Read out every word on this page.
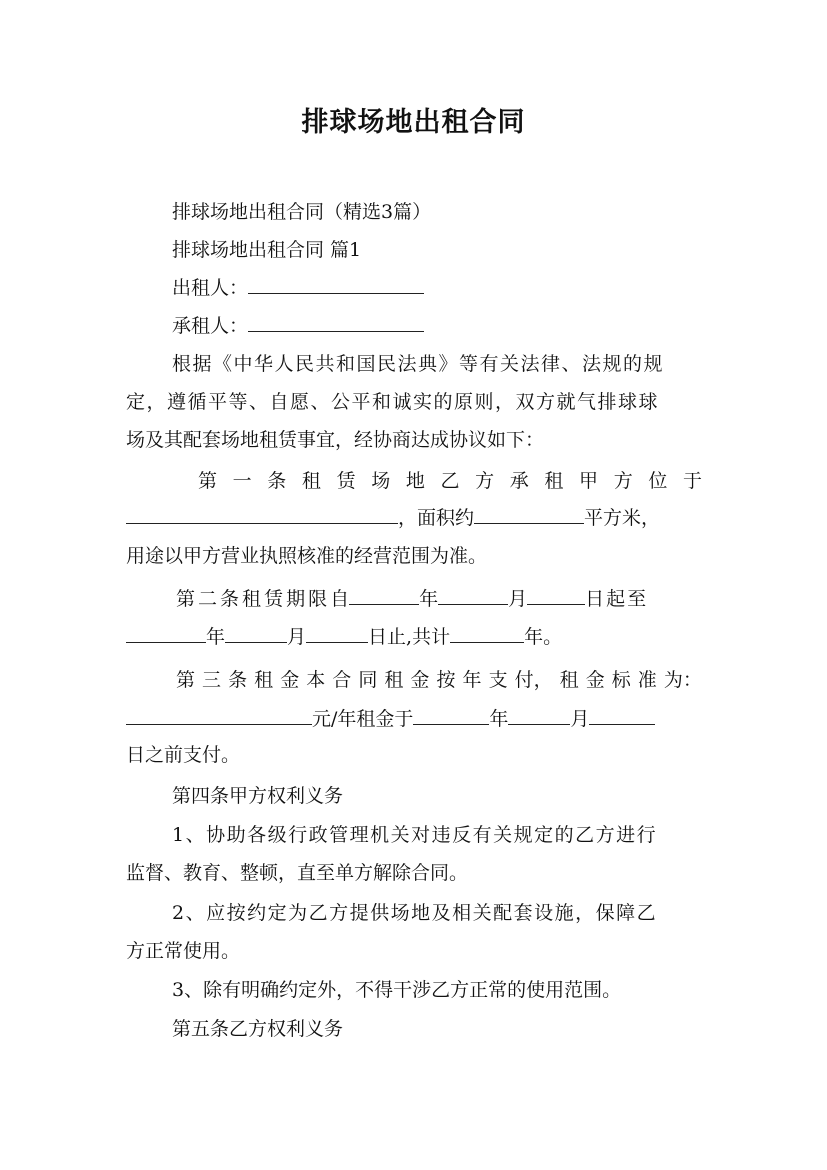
排球场地出租合同
排球场地出租合同（精选3篇）
排球场地出租合同 篇1
出租人：
承租人：
根据《中华人民共和国民法典》等有关法律、法规的规
定，遵循平等、自愿、公平和诚实的原则，双方就气排球球
场及其配套场地租赁事宜，经协商达成协议如下：
第 一 条 租 赁 场 地 乙 方 承 租 甲 方 位 于
，面积约	平方米，
用途以甲方营业执照核准的经营范围为准。
第 二 条 租 赁 期 限 自	年	月	日起至
年	月	日止,共计	年。
第 三 条 租 金 本 合 同 租 金 按 年 支 付， 租 金 标 准 为：
元/年租金于	年	月
日之前支付。
第四条甲方权利义务
1、协助各级行政管理机关对违反有关规定的乙方进行
监督、教育、整顿，直至单方解除合同。
2、应按约定为乙方提供场地及相关配套设施，保障乙
方正常使用。
3、除有明确约定外，不得干涉乙方正常的使用范围。
第五条乙方权利义务
